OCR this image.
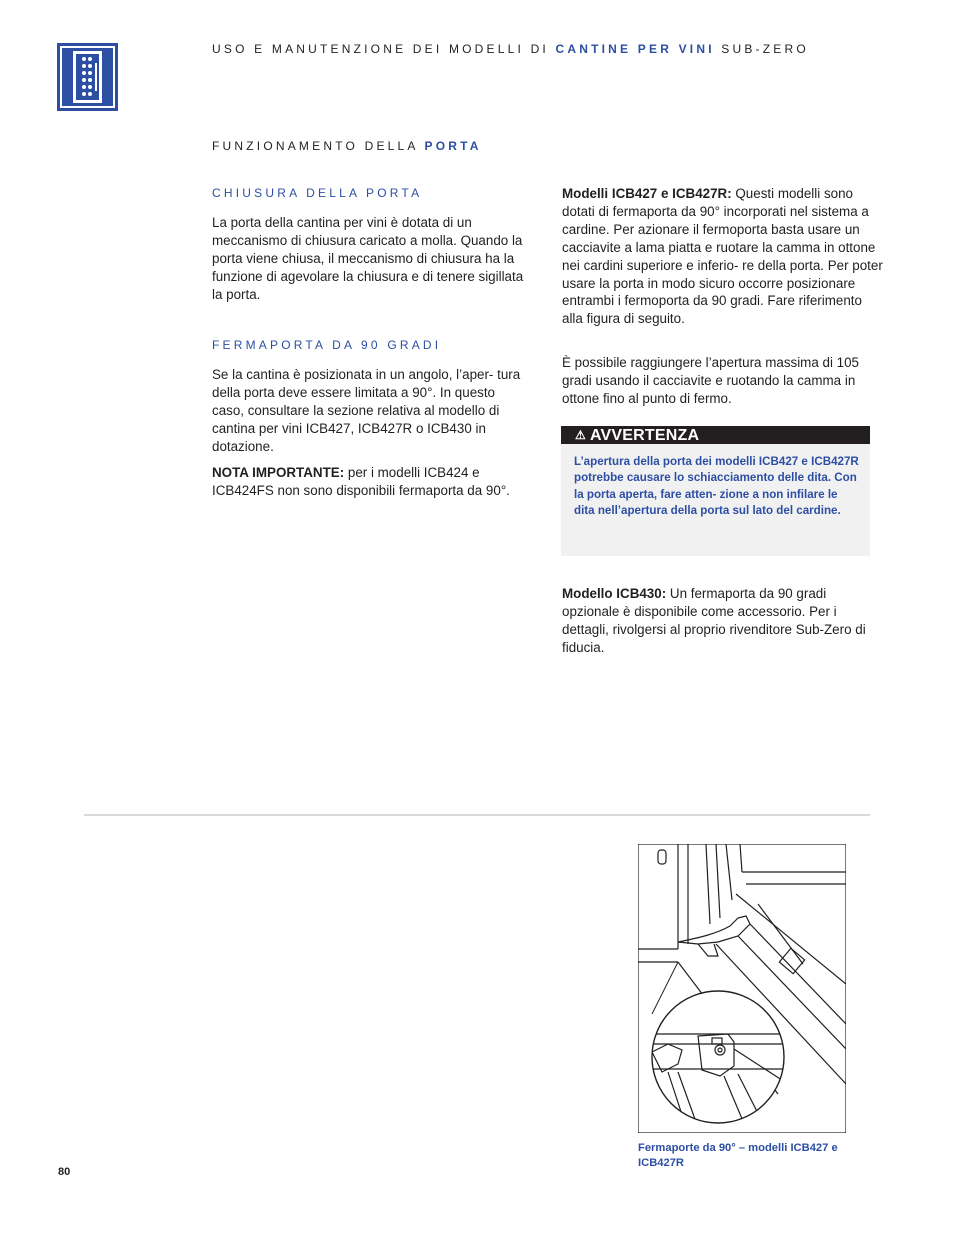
USO E MANUTENZIONE DEI MODELLI DI CANTINE PER VINI SUB-ZERO
FUNZIONAMENTO DELLA PORTA
CHIUSURA DELLA PORTA

La porta della cantina per vini è dotata di un meccanismo di chiusura caricato a molla. Quando la porta viene chiusa, il meccanismo di chiusura ha la funzione di agevolare la chiusura e di tenere sigillata la porta.

FERMAPORTA DA 90 GRADI

Se la cantina è posizionata in un angolo, l’aper- tura della porta deve essere limitata a 90°. In questo caso, consultare la sezione relativa al modello di cantina per vini ICB427, ICB427R o ICB430 in dotazione.

NOTA IMPORTANTE: per i modelli ICB424 e ICB424FS non sono disponibili fermaporta da 90°.

Modelli ICB427 e ICB427R: Questi modelli sono dotati di fermaporta da 90° incorporati nel sistema a cardine. Per azionare il fermoporta basta usare un cacciavite a lama piatta e ruotare la camma in ottone nei cardini superiore e inferio- re della porta. Per poter usare la porta in modo sicuro occorre posizionare entrambi i fermoporta da 90 gradi. Fare riferimento alla figura di seguito.

È possibile raggiungere l’apertura massima di 105 gradi usando il cacciavite e ruotando la camma in ottone fino al punto di fermo.

⚠ AVVERTENZA
L’apertura della porta dei modelli ICB427 e ICB427R potrebbe causare lo schiacciamento delle dita. Con la porta aperta, fare atten- zione a non infilare le dita nell’apertura della porta sul lato del cardine.

Modello ICB430: Un fermaporta da 90 gradi opzionale è disponibile come accessorio. Per i dettagli, rivolgersi al proprio rivenditore Sub-Zero di fiducia.

Fermaporte da 90° – modelli ICB427 e ICB427R
80
